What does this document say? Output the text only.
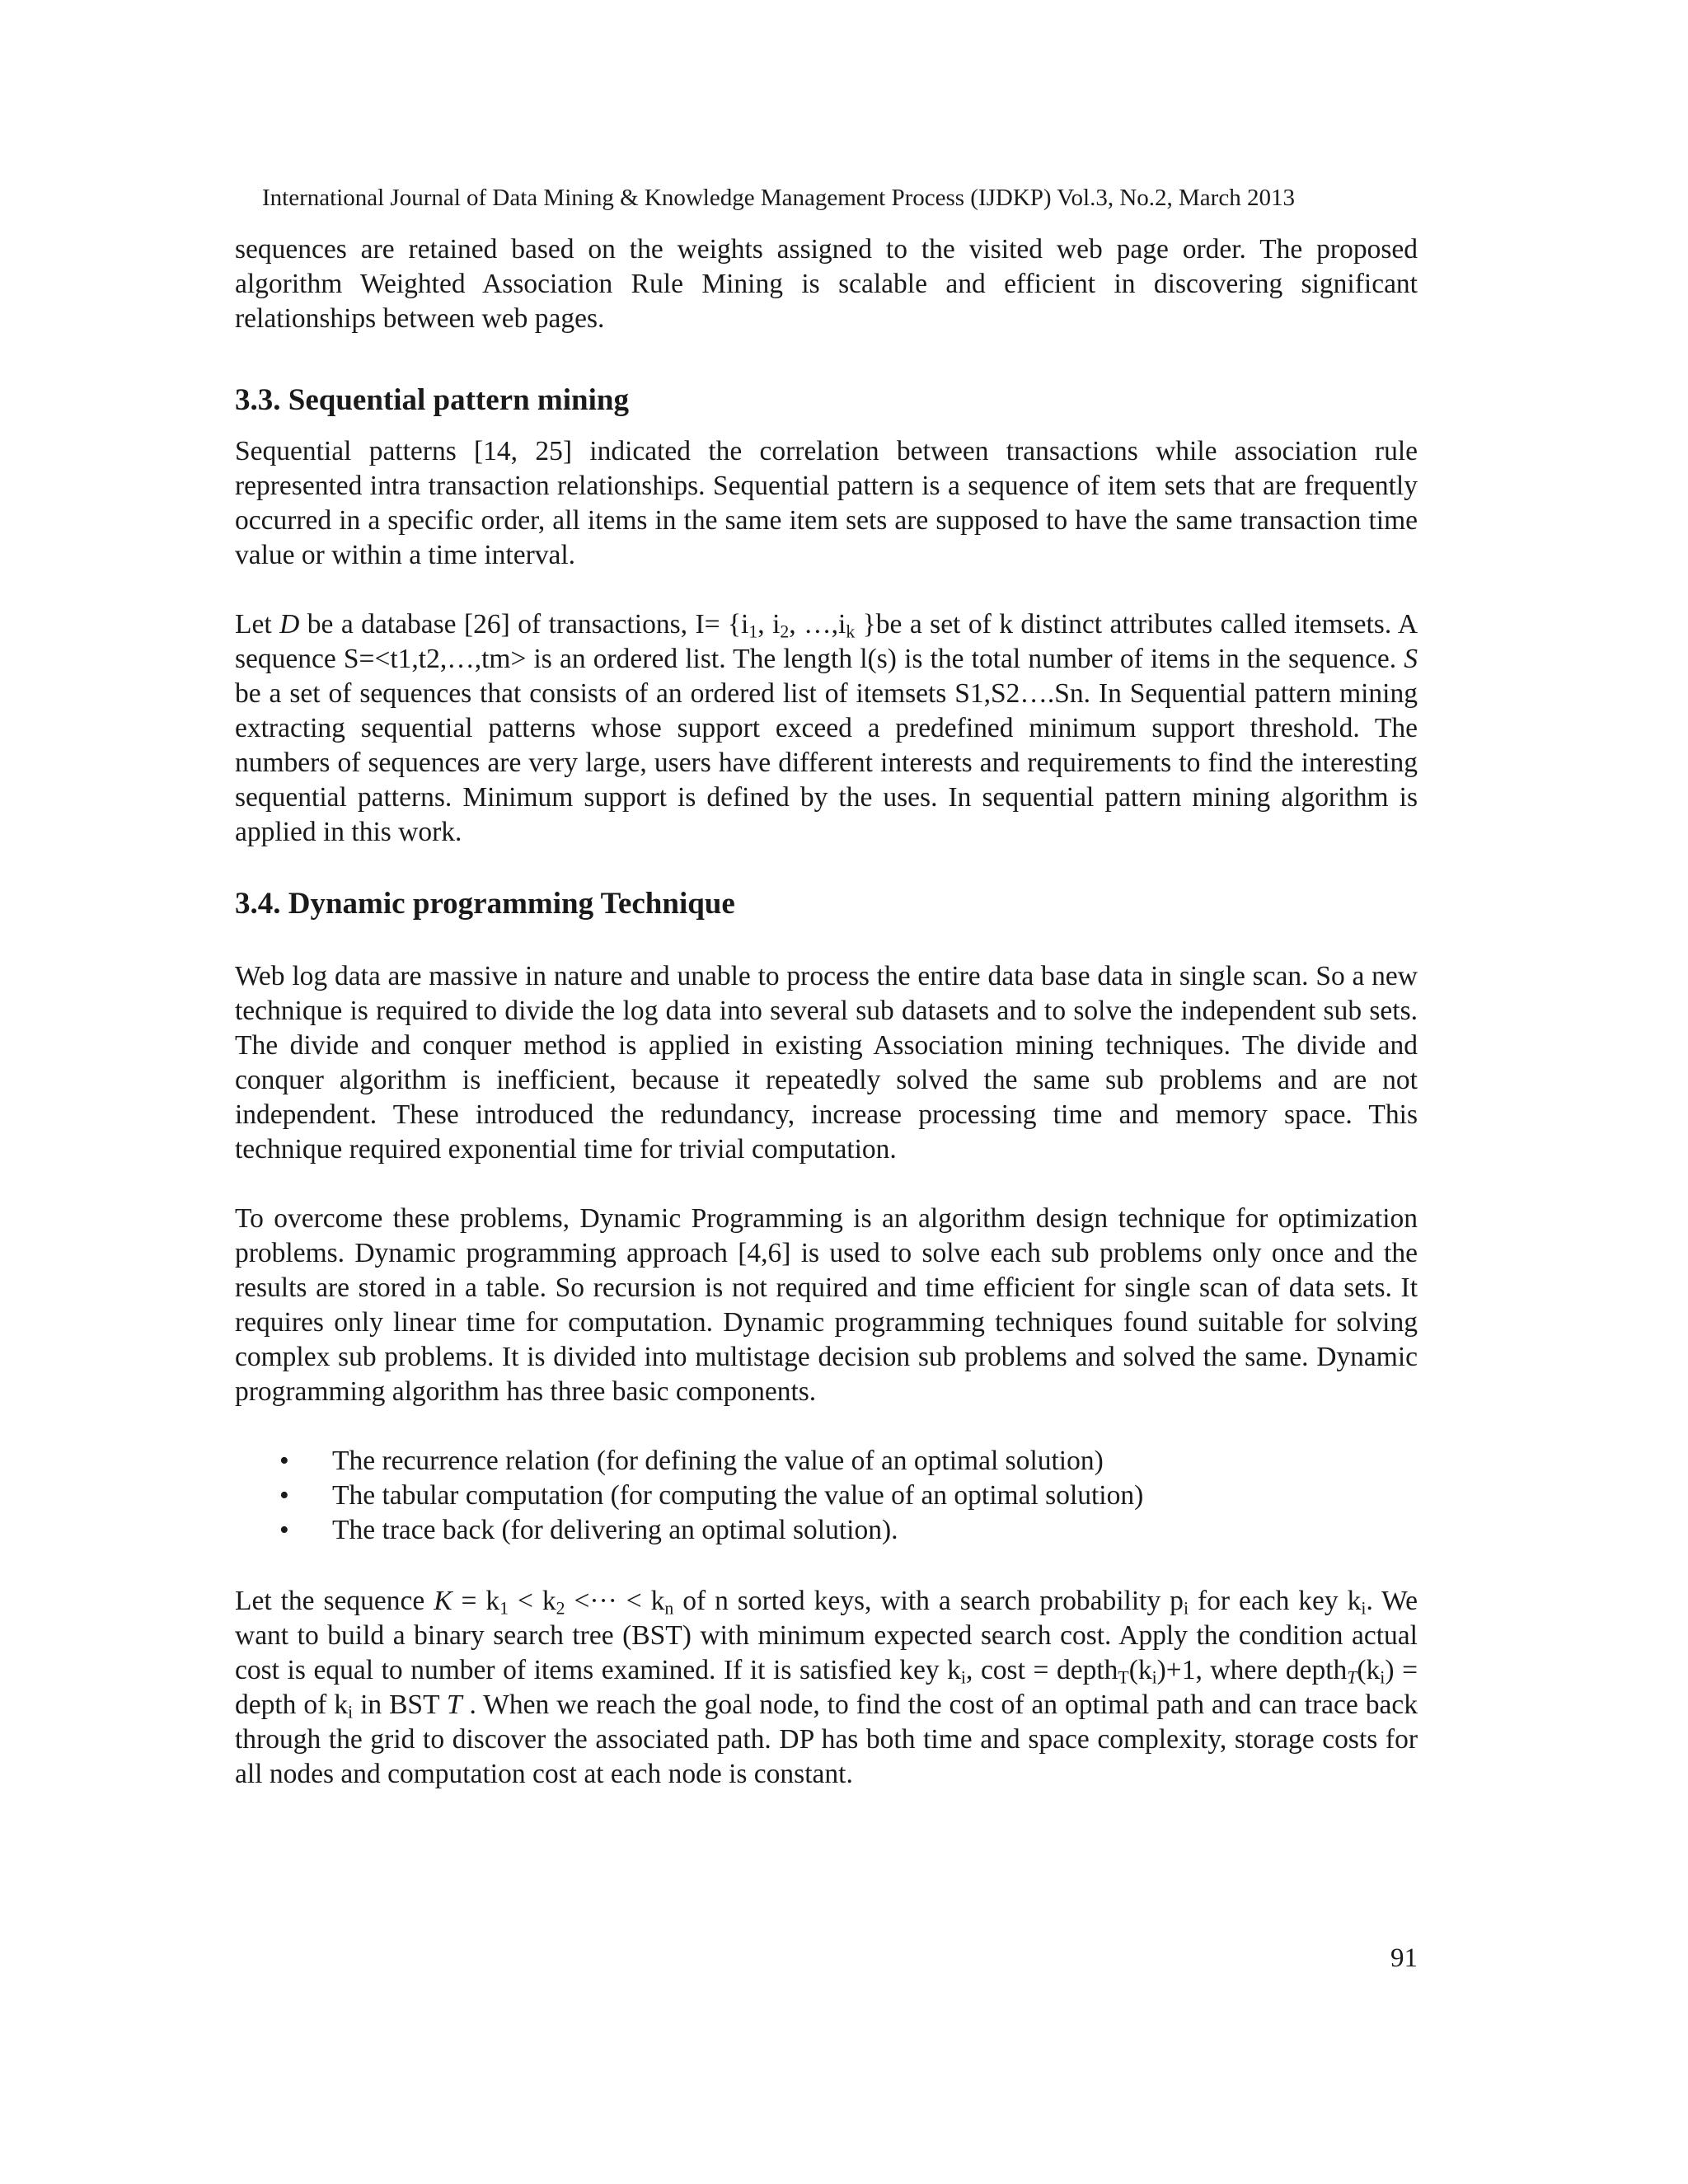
International Journal of Data Mining & Knowledge Management Process (IJDKP) Vol.3, No.2, March 2013

sequences are retained based on the weights assigned to the visited web page order. The proposed algorithm Weighted Association Rule Mining is scalable and efficient in discovering significant relationships between web pages.

3.3. Sequential pattern mining

Sequential patterns [14, 25] indicated the correlation between transactions while association rule represented intra transaction relationships. Sequential pattern is a sequence of item sets that are frequently occurred in a specific order, all items in the same item sets are supposed to have the same transaction time value or within a time interval.

Let D be a database [26] of transactions, $I= \{i_1$, $i_2$, $\dots,i_k$ }be a set of k distinct attributes called itemsets. A sequence S=<t1,t2,…,tm> is an ordered list. The length l(s) is the total number of items in the sequence. S be a set of sequences that consists of an ordered list of itemsets S1,S2….Sn. In Sequential pattern mining extracting sequential patterns whose support exceed a predefined minimum support threshold. The numbers of sequences are very large, users have different interests and requirements to find the interesting sequential patterns. Minimum support is defined by the uses. In sequential pattern mining algorithm is applied in this work.

3.4. Dynamic programming Technique

Web log data are massive in nature and unable to process the entire data base data in single scan. So a new technique is required to divide the log data into several sub datasets and to solve the independent sub sets. The divide and conquer method is applied in existing Association mining techniques. The divide and conquer algorithm is inefficient, because it repeatedly solved the same sub problems and are not independent. These introduced the redundancy, increase processing time and memory space. This technique required exponential time for trivial computation.

To overcome these problems, Dynamic Programming is an algorithm design technique for optimization problems. Dynamic programming approach [4,6] is used to solve each sub problems only once and the results are stored in a table. So recursion is not required and time efficient for single scan of data sets. It requires only linear time for computation. Dynamic programming techniques found suitable for solving complex sub problems. It is divided into multistage decision sub problems and solved the same. Dynamic programming algorithm has three basic components.

• The recurrence relation (for defining the value of an optimal solution)
• The tabular computation (for computing the value of an optimal solution)
• The trace back (for delivering an optimal solution).

Let the sequence $K = k_1 < k_2$ <··· < $k_n$ of n sorted keys, with a search probability $p_i$ for each key $k_i$. We want to build a binary search tree (BST) with minimum expected search cost. Apply the condition actual cost is equal to number of items examined. If it is satisfied key $k_i$, $\cos t = depth_T(k_i)+1$, where $depth_T(k_i)$ = depth of $k_i$ in BST T . When we reach the goal node, to find the cost of an optimal path and can trace back through the grid to discover the associated path. DP has both time and space complexity, storage costs for all nodes and computation cost at each node is constant.

91
